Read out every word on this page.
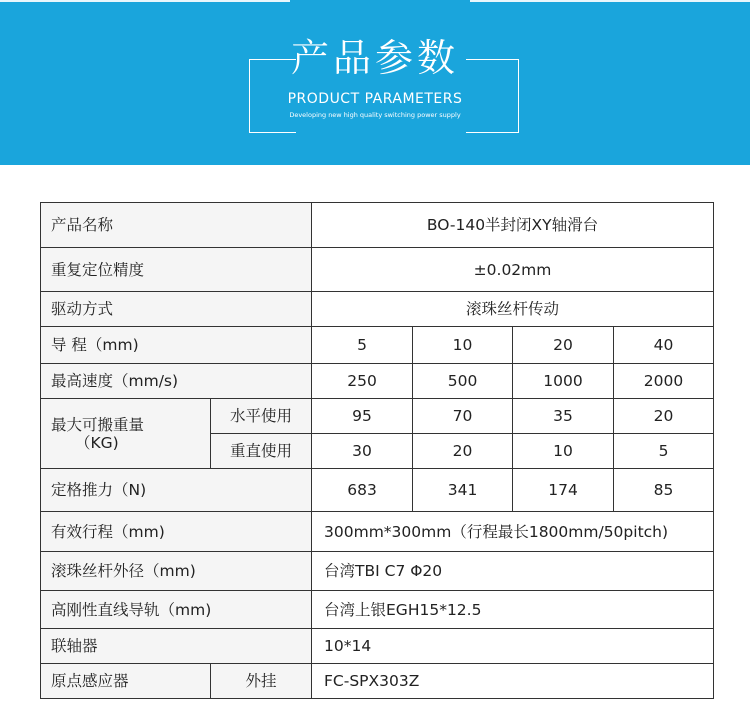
产品参数
PRODUCT PARAMETERS
Developing new high quality switching power supply
产品名称		BO-140半封闭XY轴滑台			
重复定位精度		±0.02mm			
驱动方式		滚珠丝杆传动			
导 程（mm)		5	10	20	40
最高速度（mm/s)		250	500	1000	2000
最大可搬重量
（KG)	水平使用	95	70	35	20
	重直使用	30	20	10	5
定格推力（N)		683	341	174	85
有效行程（mm)		300mm*300mm（行程最长1800mm/50pitch)			
滚珠丝杆外径（mm)		台湾TBI C7 Φ20			
高刚性直线导轨（mm)		台湾上银EGH15*12.5			
联轴器		10*14			
原点感应器	外挂	FC-SPX303Z			
